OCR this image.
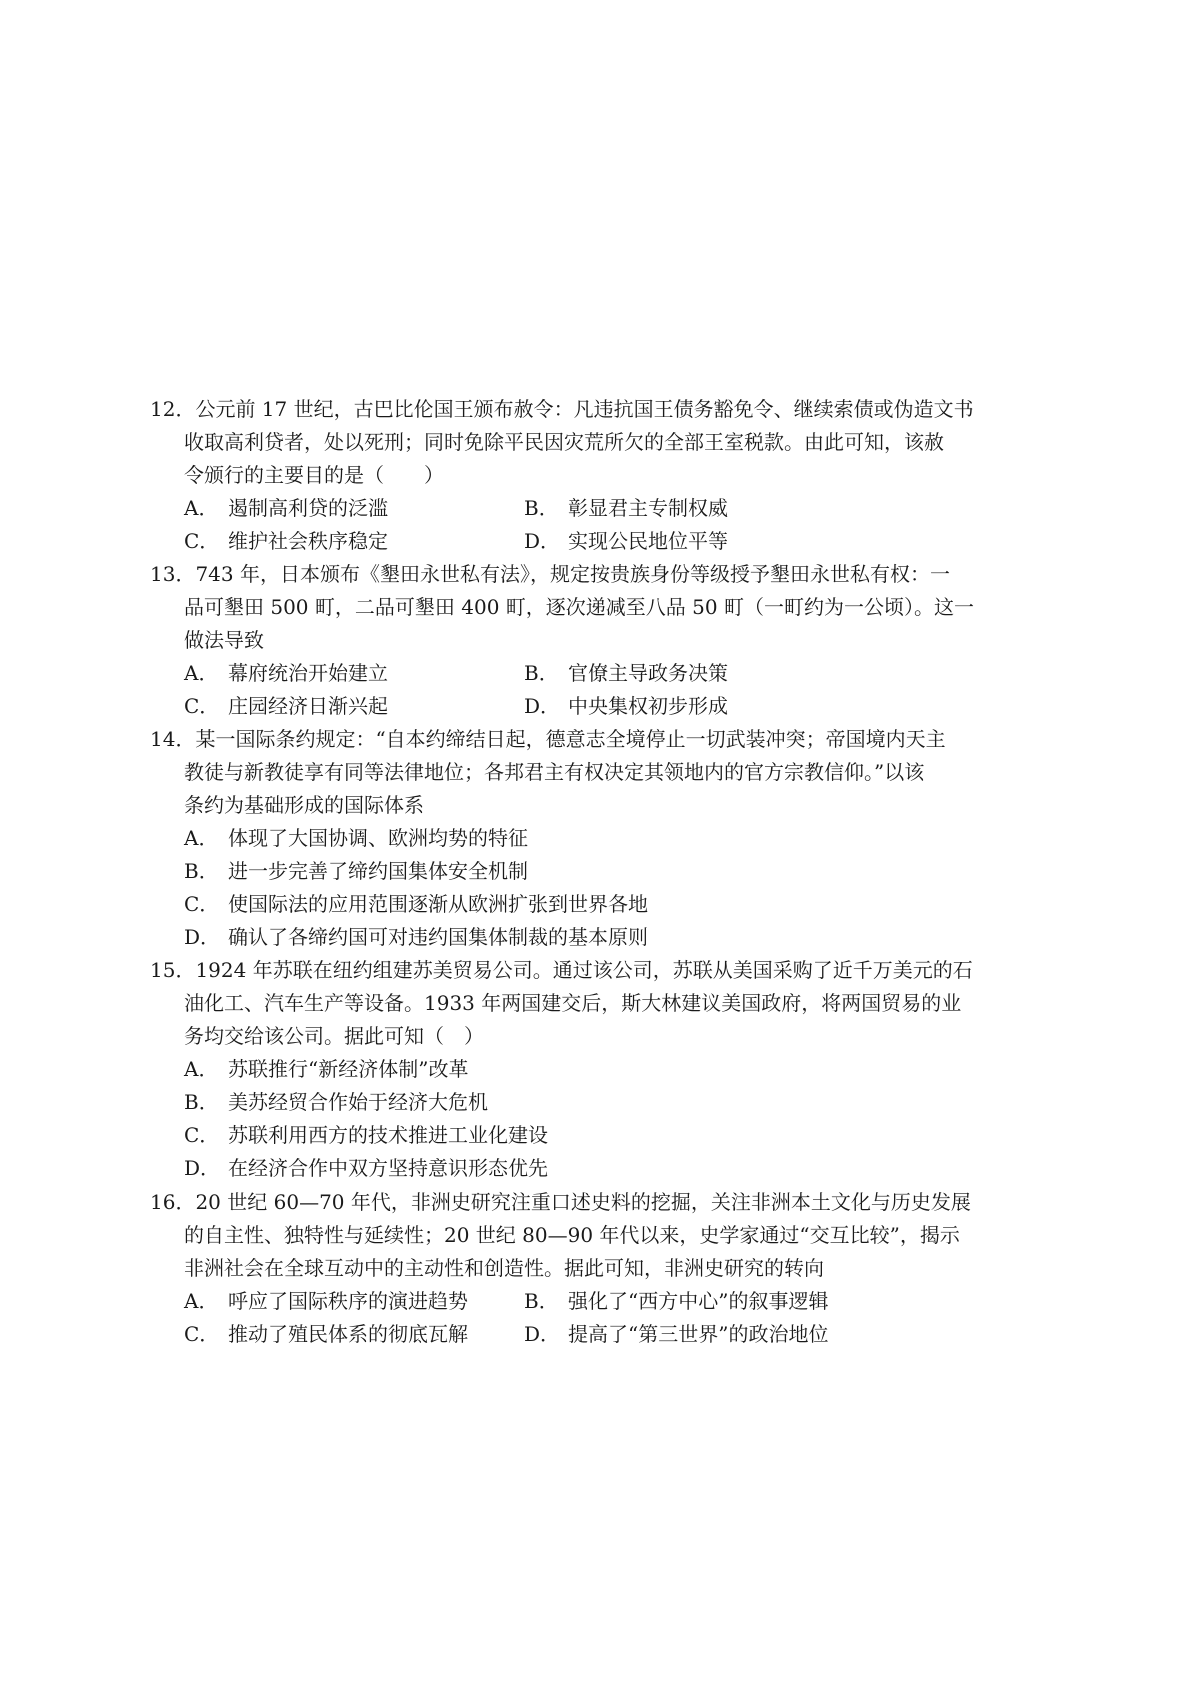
12．公元前 17 世纪，古巴比伦国王颁布赦令：凡违抗国王债务豁免令、继续索债或伪造文书
收取高利贷者，处以死刑；同时免除平民因灾荒所欠的全部王室税款。由此可知，该赦
令颁行的主要目的是（　　）
A． 遏制高利贷的泛滥	B． 彰显君主专制权威
C． 维护社会秩序稳定	D． 实现公民地位平等
13．743 年，日本颁布《墾田永世私有法》，规定按贵族身份等级授予墾田永世私有权：一
品可墾田 500 町，二品可墾田 400 町，逐次递减至八品 50 町（一町约为一公顷）。这一
做法导致
A． 幕府统治开始建立	B． 官僚主导政务决策
C． 庄园经济日渐兴起	D． 中央集权初步形成
14．某一国际条约规定：“自本约缔结日起，德意志全境停止一切武装冲突；帝国境内天主
教徒与新教徒享有同等法律地位；各邦君主有权决定其领地内的官方宗教信仰。”以该
条约为基础形成的国际体系
A． 体现了大国协调、欧洲均势的特征
B． 进一步完善了缔约国集体安全机制
C． 使国际法的应用范围逐渐从欧洲扩张到世界各地
D． 确认了各缔约国可对违约国集体制裁的基本原则
15．1924 年苏联在纽约组建苏美贸易公司。通过该公司，苏联从美国采购了近千万美元的石
油化工、汽车生产等设备。1933 年两国建交后，斯大林建议美国政府，将两国贸易的业
务均交给该公司。据此可知（　）
A． 苏联推行“新经济体制”改革
B． 美苏经贸合作始于经济大危机
C． 苏联利用西方的技术推进工业化建设
D． 在经济合作中双方坚持意识形态优先
16．20 世纪 60—70 年代，非洲史研究注重口述史料的挖掘，关注非洲本土文化与历史发展
的自主性、独特性与延续性；20 世纪 80—90 年代以来，史学家通过“交互比较”，揭示
非洲社会在全球互动中的主动性和创造性。据此可知，非洲史研究的转向
A． 呼应了国际秩序的演进趋势	B． 强化了“西方中心”的叙事逻辑
C． 推动了殖民体系的彻底瓦解	D． 提高了“第三世界”的政治地位
